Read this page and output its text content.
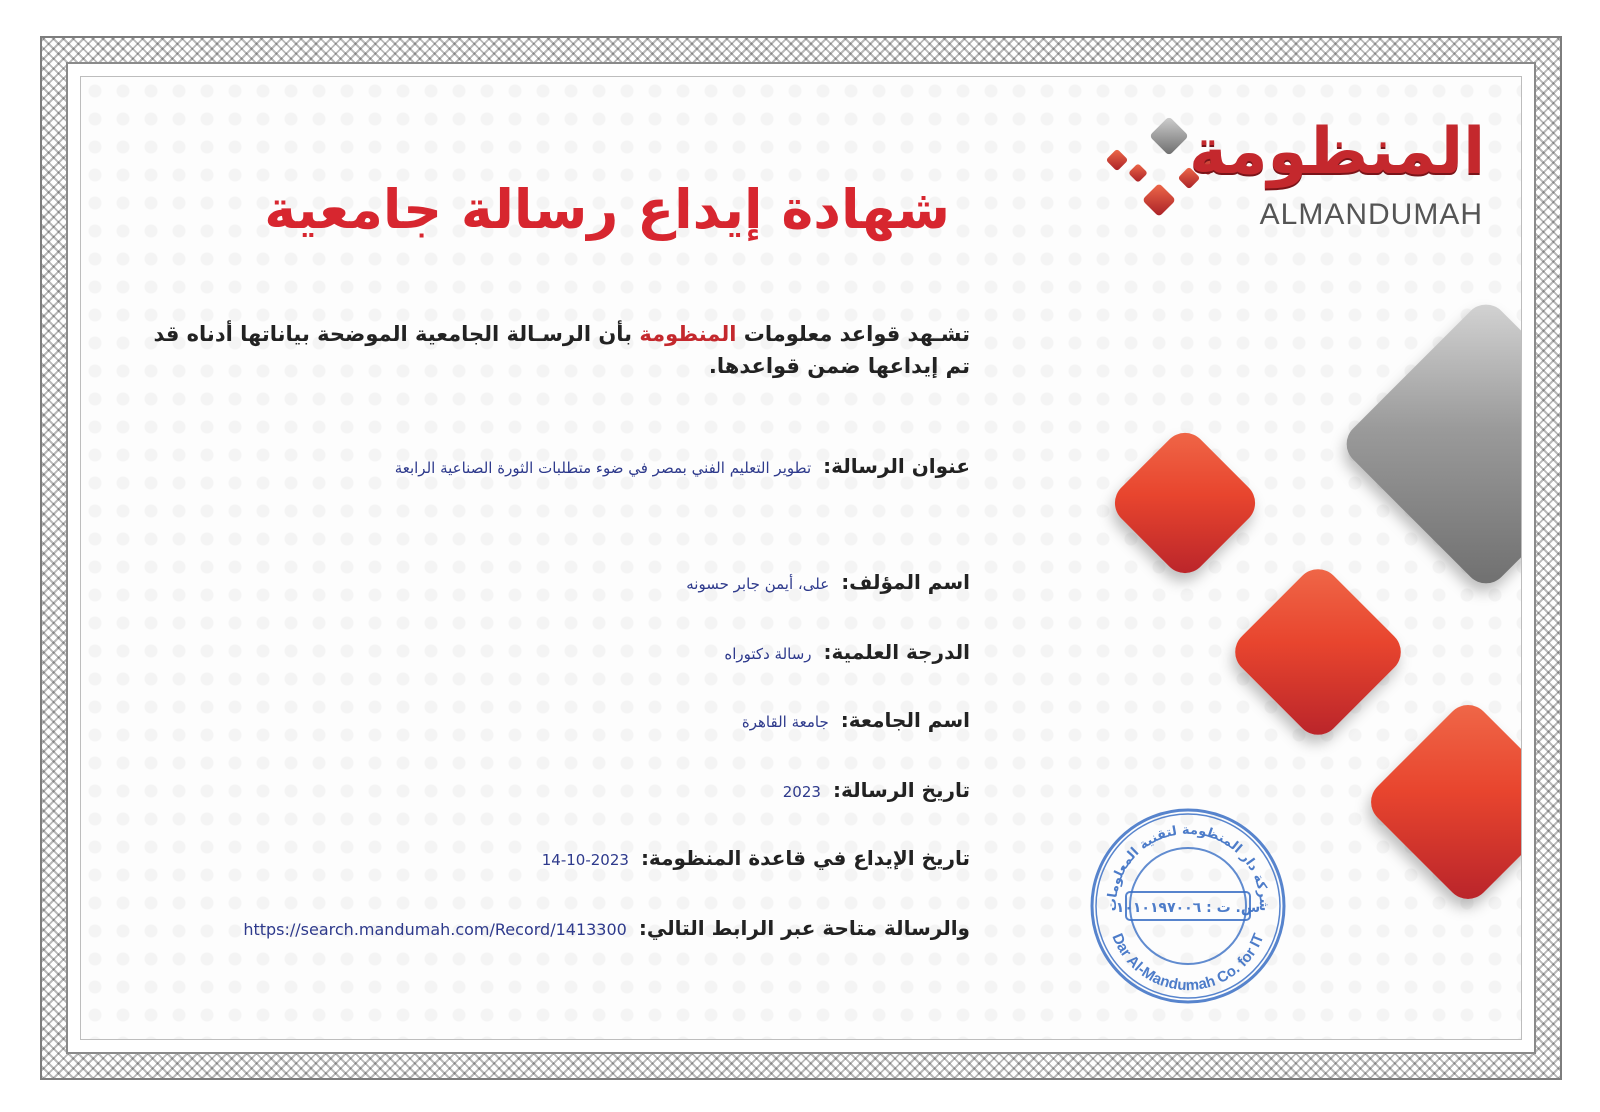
المنظومة
ALMANDUMAH
شهادة إيداع رسالة جامعية
تشـهد قواعد معلومات المنظومة بأن الرسـالة الجامعية الموضحة بياناتها أدناه قد تم إيداعها ضمن قواعدها.
عنوان الرسالة:
تطوير التعليم الفني بمصر في ضوء متطلبات الثورة الصناعية الرابعة
اسم المؤلف:
على، أيمن جابر حسونه
الدرجة العلمية:
رسالة دكتوراه
اسم الجامعة:
جامعة القاهرة
تاريخ الرسالة:
2023
تاريخ الإيداع في قاعدة المنظومة:
14-10-2023
والرسالة متاحة عبر الرابط التالي:
https://search.mandumah.com/Record/1413300
شركة دار المنظومة لتقنية المعلومات
س. ت : ١٠١٠١٩٧٠٠٦
Dar Al-Mandumah Co. for IT
